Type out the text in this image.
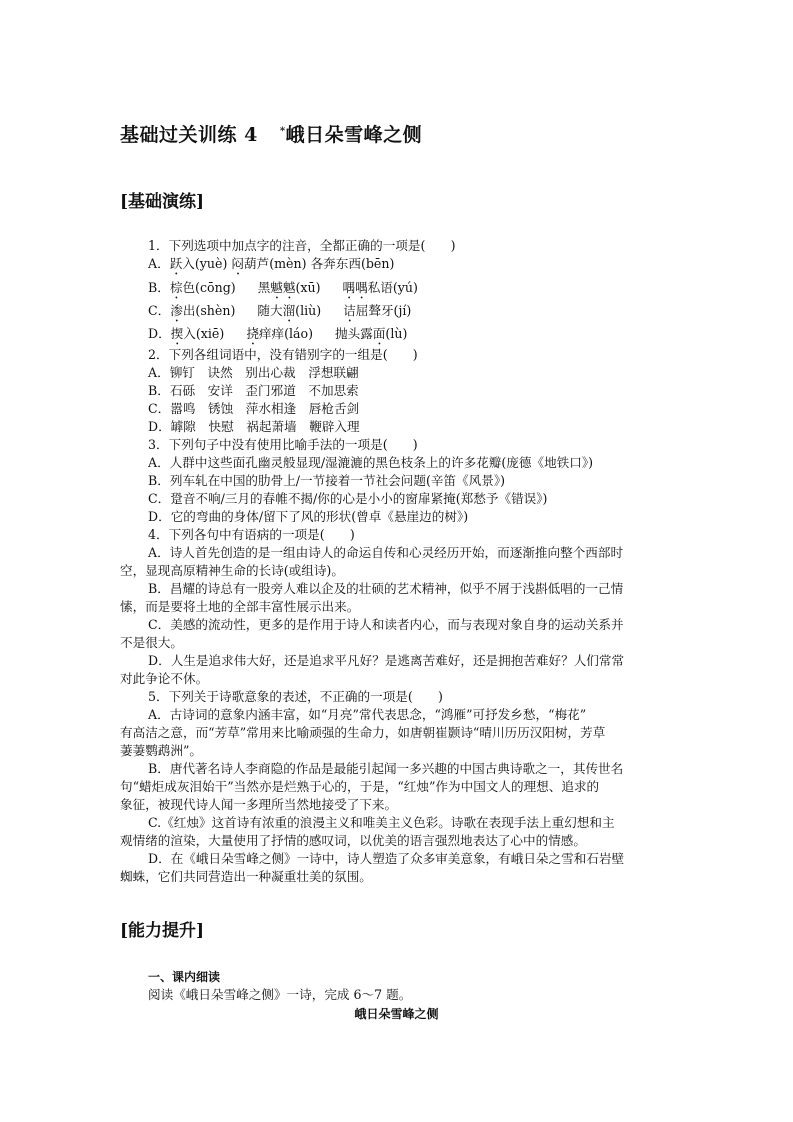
基础过关训练 4 *峨日朵雪峰之侧
[基础演练]
1．下列选项中加点字的注音，全都正确的一项是(　　)
A．跃入(yuè) 闷葫芦(mèn) 各奔东西(bēn)
B．棕色(cōng) 黑魆魆(xū) 喁喁私语(yú)
C．渗出(shèn) 随大溜(liù) 诘屈聱牙(jí)
D．揳入(xiē) 挠痒痒(láo) 抛头露面(lù)
2．下列各组词语中，没有错别字的一组是(　　)
A．铆钉　诀然　别出心裁　浮想联翩
B．石砾　安详　歪门邪道　不加思索
C．嚣鸣　锈蚀　萍水相逢　唇枪舌剑
D．罅隙　快慰　祸起萧墙　鞭辟入理
3．下列句子中没有使用比喻手法的一项是(　　)
A．人群中这些面孔幽灵般显现/湿漉漉的黑色枝条上的许多花瓣(庞德《地铁口》)
B．列车轧在中国的肋骨上/一节接着一节社会问题(辛笛《风景》)
C．跫音不响/三月的春帷不揭/你的心是小小的窗扉紧掩(郑愁予《错误》)
D．它的弯曲的身体/留下了风的形状(曾卓《悬崖边的树》)
4．下列各句中有语病的一项是(　　)
A．诗人首先创造的是一组由诗人的命运自传和心灵经历开始，而逐渐推向整个西部时
空，显现高原精神生命的长诗(或组诗)。
B．昌耀的诗总有一股旁人难以企及的壮硕的艺术精神，似乎不屑于浅斟低唱的一己情
愫，而是要将土地的全部丰富性展示出来。
C．美感的流动性，更多的是作用于诗人和读者内心，而与表现对象自身的运动关系并
不是很大。
D．人生是追求伟大好，还是追求平凡好？是逃离苦难好，还是拥抱苦难好？人们常常
对此争论不休。
5．下列关于诗歌意象的表述，不正确的一项是(　　)
A．古诗词的意象内涵丰富，如“月亮”常代表思念，“鸿雁”可抒发乡愁，“梅花”
有高洁之意，而“芳草”常用来比喻顽强的生命力，如唐朝崔颢诗“晴川历历汉阳树，芳草
萋萋鹦鹉洲”。
B．唐代著名诗人李商隐的作品是最能引起闻一多兴趣的中国古典诗歌之一，其传世名
句“蜡炬成灰泪始干”当然亦是烂熟于心的，于是，“红烛”作为中国文人的理想、追求的
象征，被现代诗人闻一多理所当然地接受了下来。
C.《红烛》这首诗有浓重的浪漫主义和唯美主义色彩。诗歌在表现手法上重幻想和主
观情绪的渲染，大量使用了抒情的感叹词，以优美的语言强烈地表达了心中的情感。
D．在《峨日朵雪峰之侧》一诗中，诗人塑造了众多审美意象，有峨日朵之雪和石岩壁
蜘蛛，它们共同营造出一种凝重壮美的氛围。
[能力提升]
一、课内细读
阅读《峨日朵雪峰之侧》一诗，完成 6～7 题。
峨日朵雪峰之侧
